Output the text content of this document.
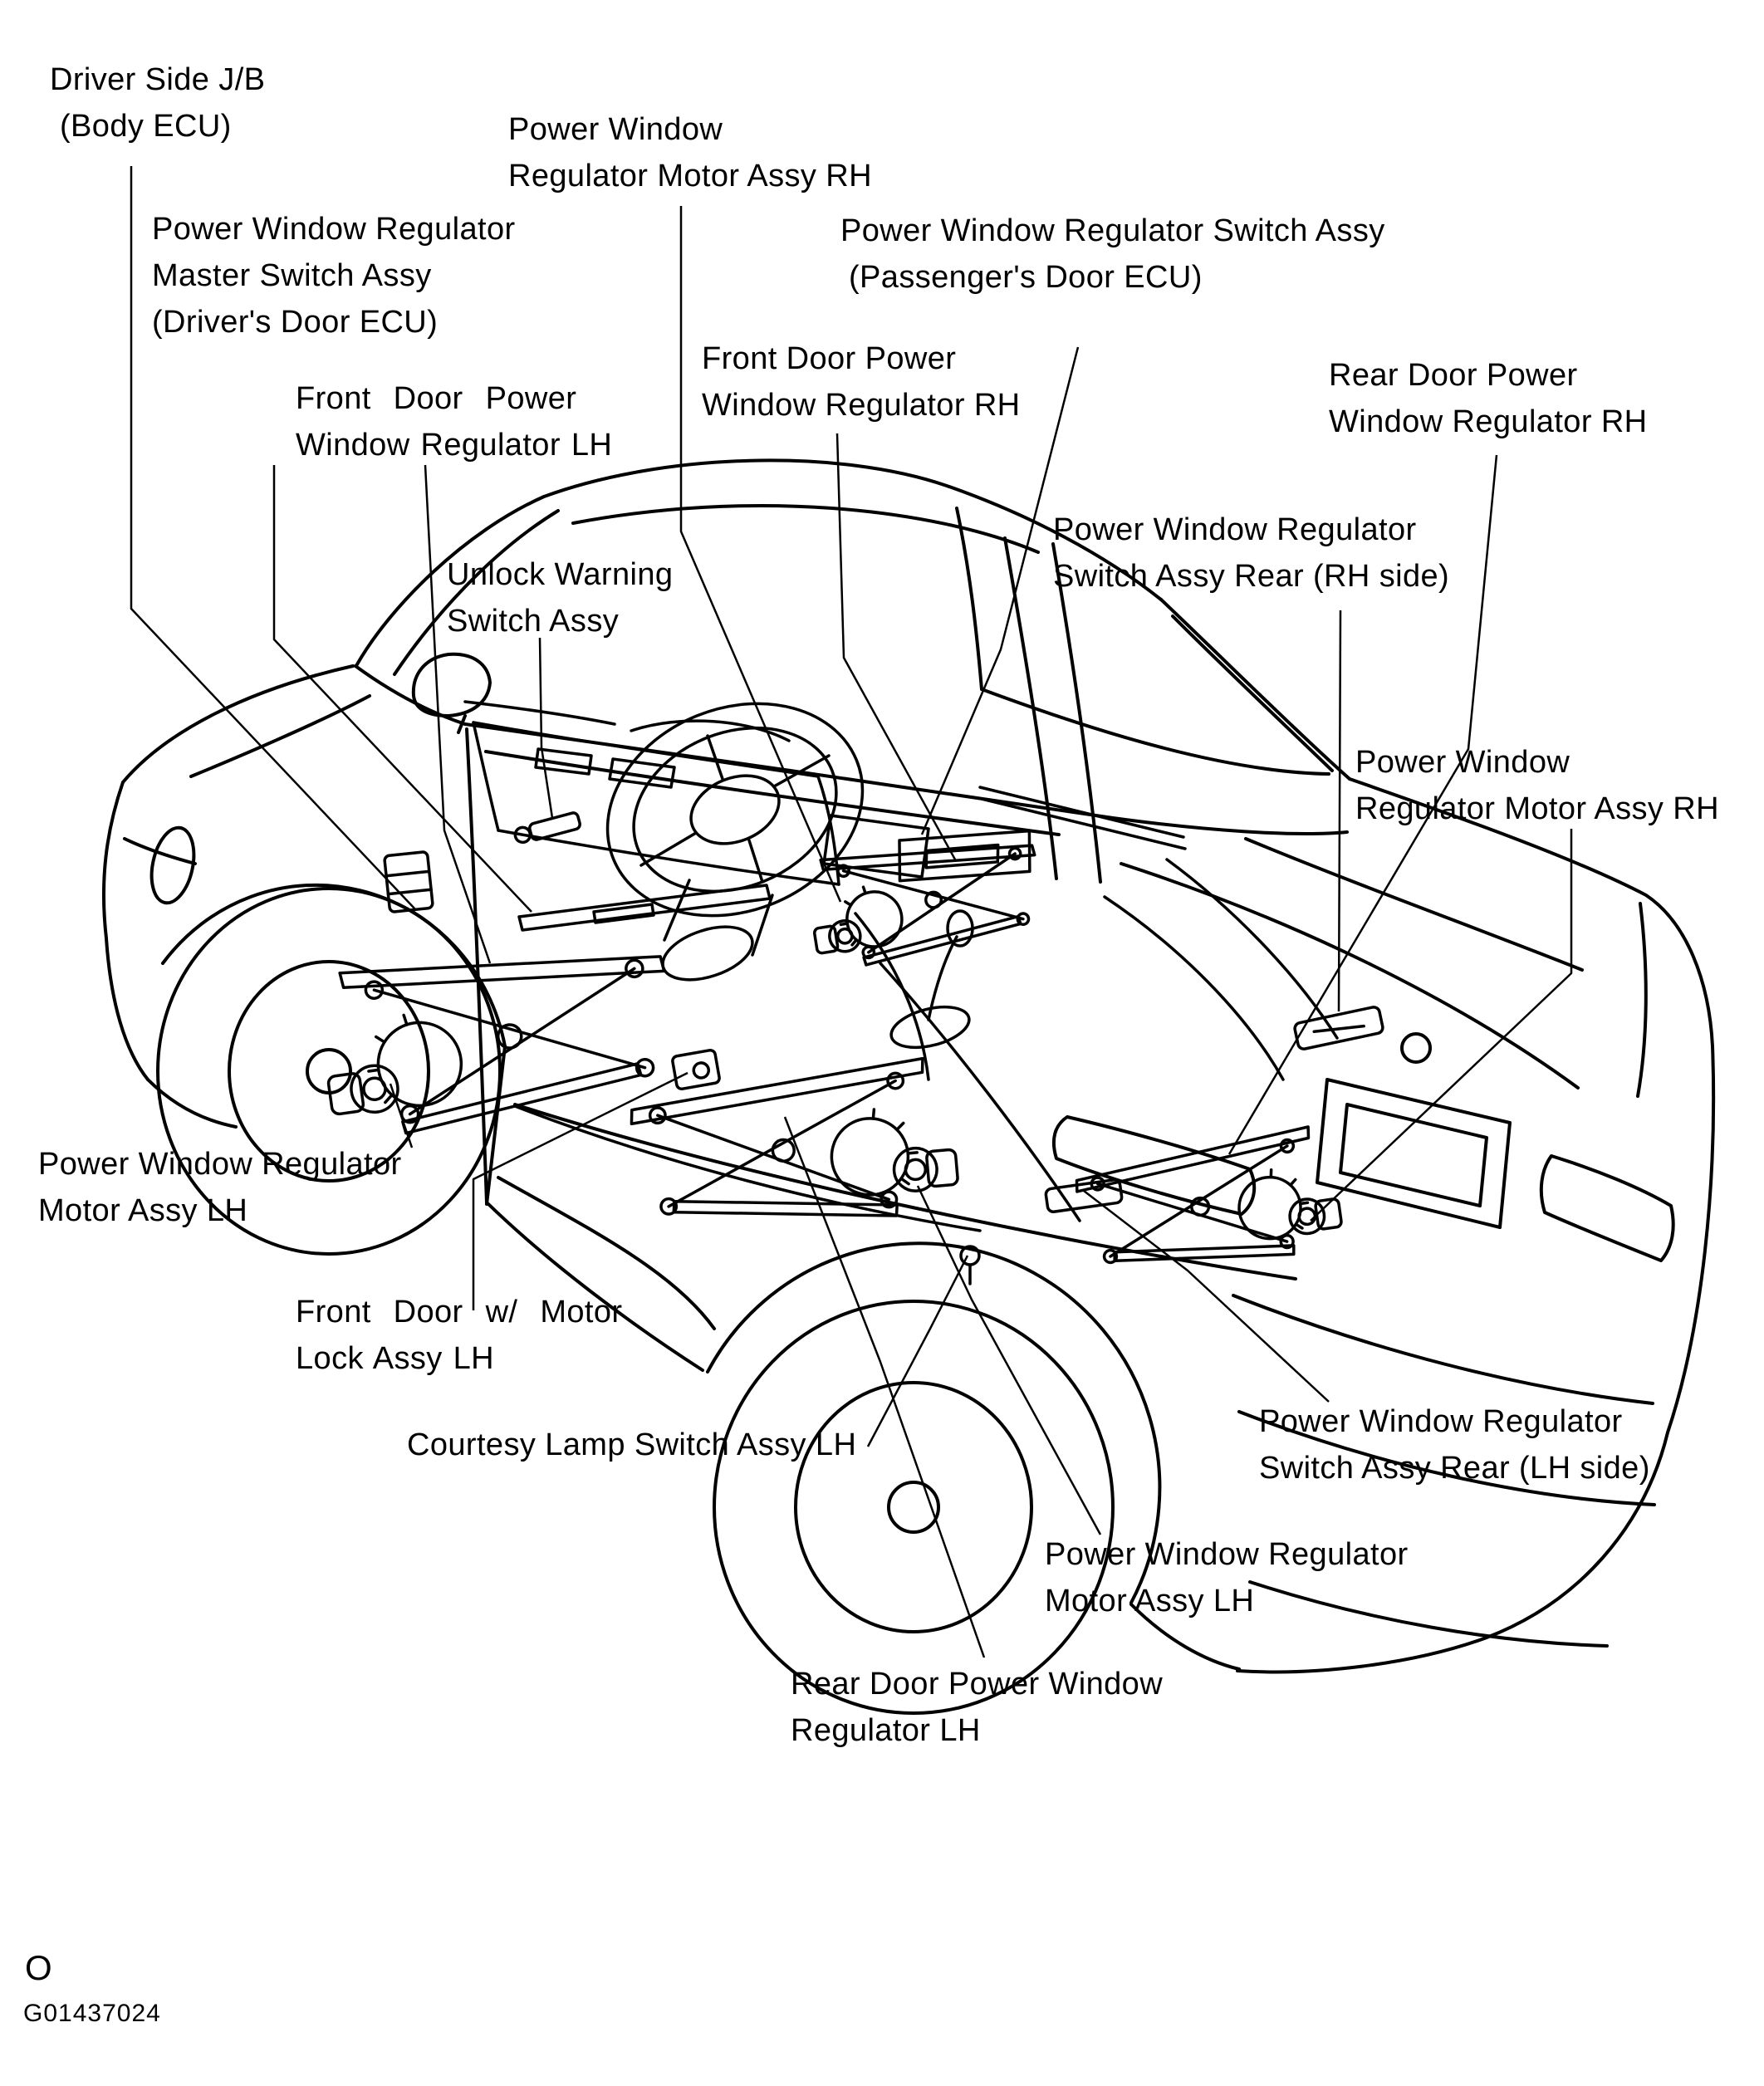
Driver Side J/B
(Body ECU)	Power Window
Regulator Motor Assy RH
Power Window Regulator
Master Switch Assy
(Driver's Door ECU)
Power Window Regulator Switch Assy
(Passenger's Door ECU)
Front Door Power
Window Regulator LH
Front Door Power
Window Regulator RH
Rear Door Power
Window Regulator RH
Unlock Warning
Switch Assy
Power Window Regulator
Switch Assy Rear (RH side)
Power Window
Regulator Motor Assy RH
Power Window Regulator
Motor Assy LH
Front Door w/ Motor
Lock Assy LH
Courtesy Lamp Switch Assy LH
Power Window Regulator
Switch Assy Rear (LH side)
Power Window Regulator
Motor Assy LH
Rear Door Power Window
Regulator LH
O
G01437024
